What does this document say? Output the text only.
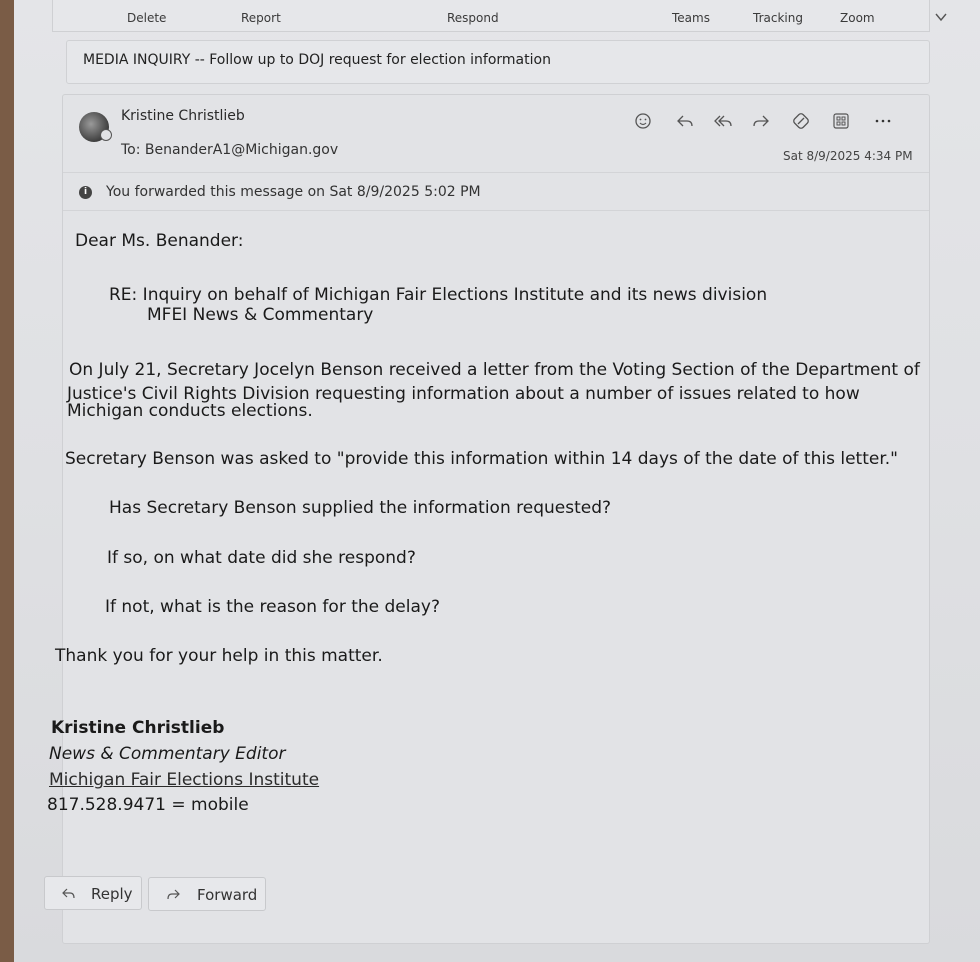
Delete	Report	Respond	Teams	Tracking	Zoom
MEDIA INQUIRY -- Follow up to DOJ request for election information
Kristine Christlieb
To: BenanderA1@Michigan.gov	Sat 8/9/2025 4:34 PM
i	You forwarded this message on Sat 8/9/2025 5:02 PM
Dear Ms. Benander:
RE: Inquiry on behalf of Michigan Fair Elections Institute and its news division
MFEI News & Commentary
On July 21, Secretary Jocelyn Benson received a letter from the Voting Section of the Department of
Justice's Civil Rights Division requesting information about a number of issues related to how
Michigan conducts elections.
Secretary Benson was asked to "provide this information within 14 days of the date of this letter."
Has Secretary Benson supplied the information requested?
If so, on what date did she respond?
If not, what is the reason for the delay?
Thank you for your help in this matter.
Kristine Christlieb
News & Commentary Editor
Michigan Fair Elections Institute
817.528.9471 = mobile
Reply	Forward
